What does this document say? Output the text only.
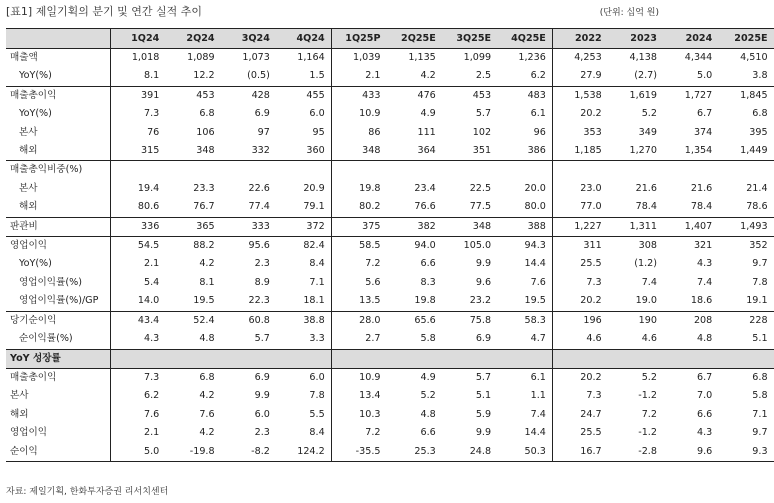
[표1] 제일기획의 분기 및 연간 실적 추이	(단위: 십억 원)
	1Q24	2Q24	3Q24	4Q24	1Q25P	2Q25E	3Q25E	4Q25E	2022	2023	2024	2025E
매출액	1,018	1,089	1,073	1,164	1,039	1,135	1,099	1,236	4,253	4,138	4,344	4,510
YoY(%)	8.1	12.2	(0.5)	1.5	2.1	4.2	2.5	6.2	27.9	(2.7)	5.0	3.8
매출총이익	391	453	428	455	433	476	453	483	1,538	1,619	1,727	1,845
YoY(%)	7.3	6.8	6.9	6.0	10.9	4.9	5.7	6.1	20.2	5.2	6.7	6.8
본사	76	106	97	95	86	111	102	96	353	349	374	395
해외	315	348	332	360	348	364	351	386	1,185	1,270	1,354	1,449
매출총익비중(%)												
본사	19.4	23.3	22.6	20.9	19.8	23.4	22.5	20.0	23.0	21.6	21.6	21.4
해외	80.6	76.7	77.4	79.1	80.2	76.6	77.5	80.0	77.0	78.4	78.4	78.6
판관비	336	365	333	372	375	382	348	388	1,227	1,311	1,407	1,493
영업이익	54.5	88.2	95.6	82.4	58.5	94.0	105.0	94.3	311	308	321	352
YoY(%)	2.1	4.2	2.3	8.4	7.2	6.6	9.9	14.4	25.5	(1.2)	4.3	9.7
영업이익률(%)	5.4	8.1	8.9	7.1	5.6	8.3	9.6	7.6	7.3	7.4	7.4	7.8
영업이익률(%)/GP	14.0	19.5	22.3	18.1	13.5	19.8	23.2	19.5	20.2	19.0	18.6	19.1
당기순이익	43.4	52.4	60.8	38.8	28.0	65.6	75.8	58.3	196	190	208	228
순이익률(%)	4.3	4.8	5.7	3.3	2.7	5.8	6.9	4.7	4.6	4.6	4.8	5.1
YoY 성장률												
매출총이익	7.3	6.8	6.9	6.0	10.9	4.9	5.7	6.1	20.2	5.2	6.7	6.8
본사	6.2	4.2	9.9	7.8	13.4	5.2	5.1	1.1	7.3	-1.2	7.0	5.8
해외	7.6	7.6	6.0	5.5	10.3	4.8	5.9	7.4	24.7	7.2	6.6	7.1
영업이익	2.1	4.2	2.3	8.4	7.2	6.6	9.9	14.4	25.5	-1.2	4.3	9.7
순이익	5.0	-19.8	-8.2	124.2	-35.5	25.3	24.8	50.3	16.7	-2.8	9.6	9.3
자료: 제일기획, 한화투자증권 리서치센터
